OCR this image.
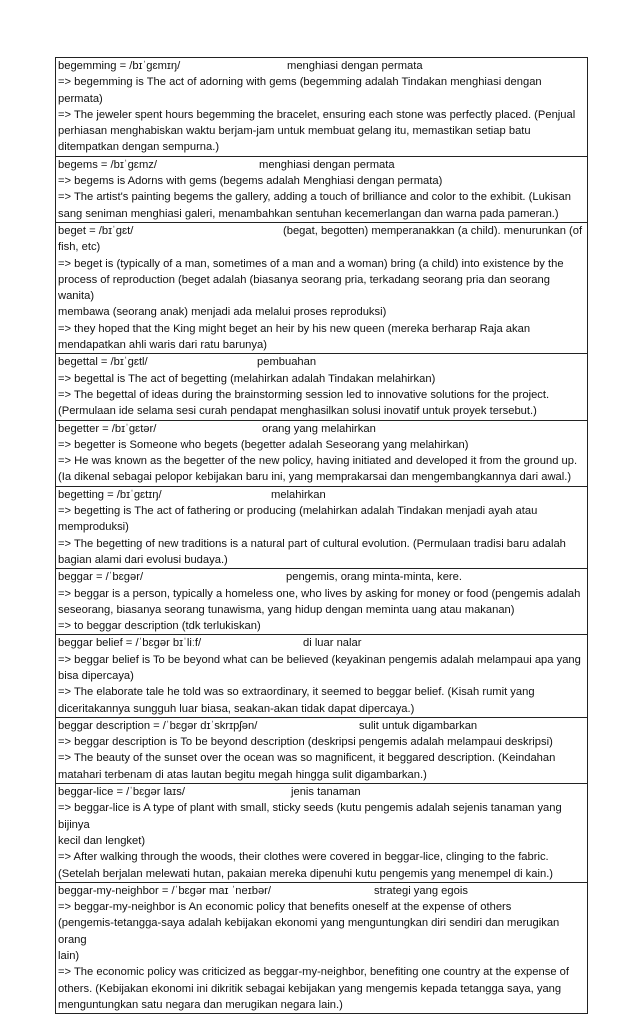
begemming = /bɪˈɡɛmɪŋ/	menghiasi dengan permata
=> begemming is The act of adorning with gems (begemming adalah Tindakan menghiasi dengan permata)
=> The jeweler spent hours begemming the bracelet, ensuring each stone was perfectly placed. (Penjual
perhiasan menghabiskan waktu berjam-jam untuk membuat gelang itu, memastikan setiap batu
ditempatkan dengan sempurna.)
begems = /bɪˈɡɛmz/	menghiasi dengan permata
=> begems is Adorns with gems (begems adalah Menghiasi dengan permata)
=> The artist's painting begems the gallery, adding a touch of brilliance and color to the exhibit. (Lukisan
sang seniman menghiasi galeri, menambahkan sentuhan kecemerlangan dan warna pada pameran.)
beget = /bɪˈɡɛt/	(begat, begotten) memperanakkan (a child). menurunkan (of
fish, etc)
=> beget is (typically of a man, sometimes of a man and a woman) bring (a child) into existence by the
process of reproduction (beget adalah (biasanya seorang pria, terkadang seorang pria dan seorang wanita)
membawa (seorang anak) menjadi ada melalui proses reproduksi)
=> they hoped that the King might beget an heir by his new queen (mereka berharap Raja akan
mendapatkan ahli waris dari ratu barunya)
begettal = /bɪˈɡɛtl/	pembuahan
=> begettal is The act of begetting (melahirkan adalah Tindakan melahirkan)
=> The begettal of ideas during the brainstorming session led to innovative solutions for the project.
(Permulaan ide selama sesi curah pendapat menghasilkan solusi inovatif untuk proyek tersebut.)
begetter = /bɪˈɡɛtər/	orang yang melahirkan
=> begetter is Someone who begets (begetter adalah Seseorang yang melahirkan)
=> He was known as the begetter of the new policy, having initiated and developed it from the ground up.
(Ia dikenal sebagai pelopor kebijakan baru ini, yang memprakarsai dan mengembangkannya dari awal.)
begetting = /bɪˈɡɛtɪŋ/	melahirkan
=> begetting is The act of fathering or producing (melahirkan adalah Tindakan menjadi ayah atau
memproduksi)
=> The begetting of new traditions is a natural part of cultural evolution. (Permulaan tradisi baru adalah
bagian alami dari evolusi budaya.)
beggar = /ˈbɛɡər/	pengemis, orang minta-minta, kere.
=> beggar is a person, typically a homeless one, who lives by asking for money or food (pengemis adalah
seseorang, biasanya seorang tunawisma, yang hidup dengan meminta uang atau makanan)
=> to beggar description (tdk terlukiskan)
beggar belief = /ˈbɛɡər bɪˈliːf/	di luar nalar
=> beggar belief is To be beyond what can be believed (keyakinan pengemis adalah melampaui apa yang
bisa dipercaya)
=> The elaborate tale he told was so extraordinary, it seemed to beggar belief. (Kisah rumit yang
diceritakannya sungguh luar biasa, seakan-akan tidak dapat dipercaya.)
beggar description = /ˈbɛɡər dɪˈskrɪpʃən/	sulit untuk digambarkan
=> beggar description is To be beyond description (deskripsi pengemis adalah melampaui deskripsi)
=> The beauty of the sunset over the ocean was so magnificent, it beggared description. (Keindahan
matahari terbenam di atas lautan begitu megah hingga sulit digambarkan.)
beggar-lice = /ˈbɛɡər laɪs/	jenis tanaman
=> beggar-lice is A type of plant with small, sticky seeds (kutu pengemis adalah sejenis tanaman yang bijinya
kecil dan lengket)
=> After walking through the woods, their clothes were covered in beggar-lice, clinging to the fabric.
(Setelah berjalan melewati hutan, pakaian mereka dipenuhi kutu pengemis yang menempel di kain.)
beggar-my-neighbor = /ˈbɛɡər maɪ ˈneɪbər/	strategi yang egois
=> beggar-my-neighbor is An economic policy that benefits oneself at the expense of others
(pengemis-tetangga-saya adalah kebijakan ekonomi yang menguntungkan diri sendiri dan merugikan orang
lain)
=> The economic policy was criticized as beggar-my-neighbor, benefiting one country at the expense of
others. (Kebijakan ekonomi ini dikritik sebagai kebijakan yang mengemis kepada tetangga saya, yang
menguntungkan satu negara dan merugikan negara lain.)
